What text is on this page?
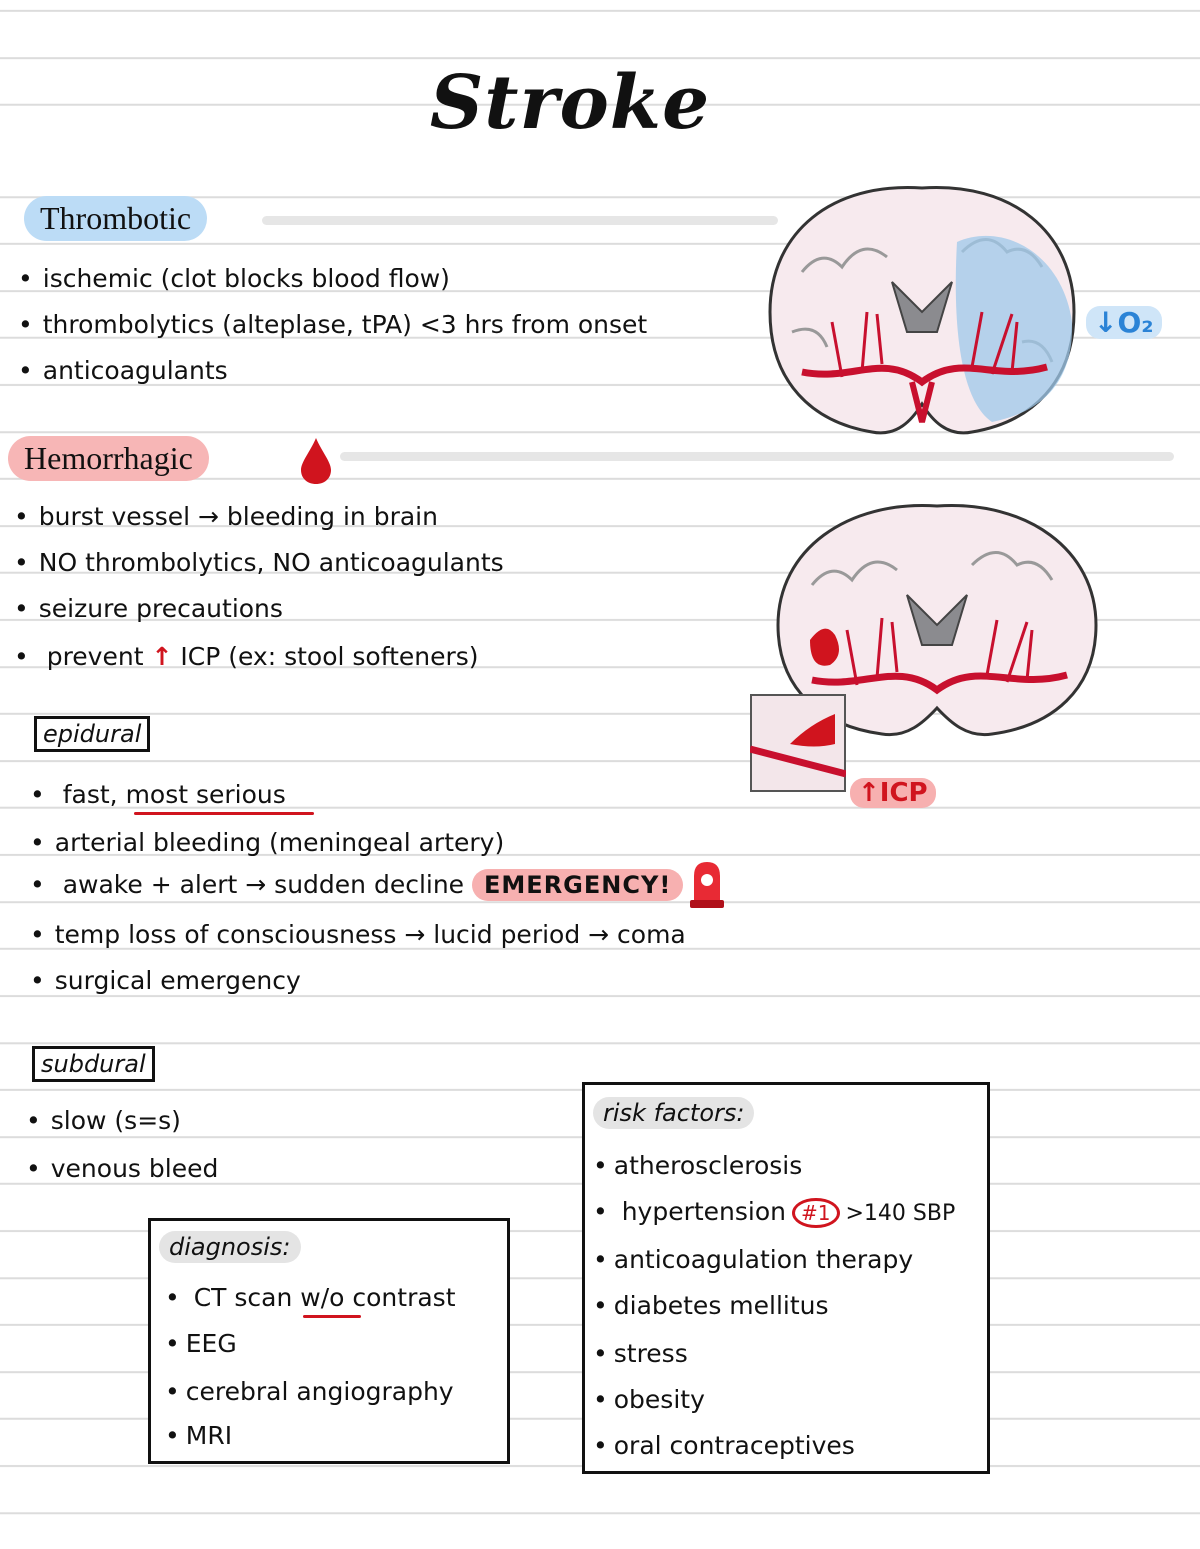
Stroke
Thrombotic
• ischemic (clot blocks blood flow)
• thrombolytics (alteplase, tPA) <3 hrs from onset
• anticoagulants
↓O₂
Hemorrhagic
• burst vessel → bleeding in brain
• NO thrombolytics, NO anticoagulants
• seizure precautions
• prevent ↑ ICP (ex: stool softeners)
↑ICP
epidural
• fast, most serious
• arterial bleeding (meningeal artery)
• awake + alert → sudden decline EMERGENCY!
• temp loss of consciousness → lucid period → coma
• surgical emergency
subdural
• slow (s=s)
• venous bleed
diagnosis:
• CT scan w/o contrast
• EEG
• cerebral angiography
• MRI
risk factors:
• atherosclerosis
• hypertension #1 >140 SBP
• anticoagulation therapy
• diabetes mellitus
• stress
• obesity
• oral contraceptives
